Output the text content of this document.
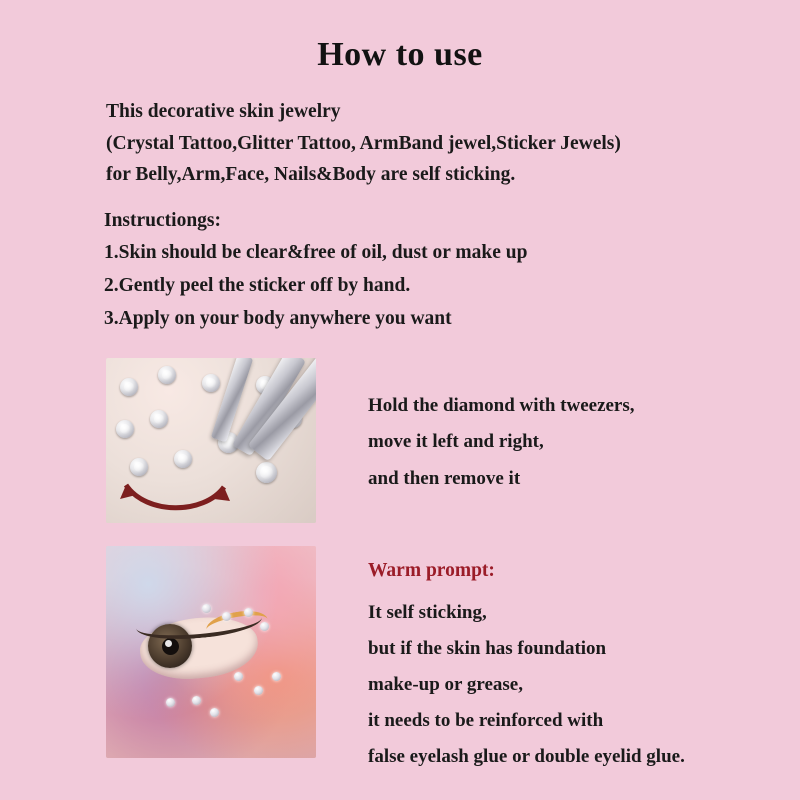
How to use
This decorative skin jewelry
(Crystal Tattoo,Glitter Tattoo, ArmBand jewel,Sticker Jewels)
for Belly,Arm,Face, Nails&Body are self sticking.
Instructiongs:
1.Skin should be clear&free of oil, dust or make up
2.Gently peel the sticker off by hand.
3.Apply on your body anywhere you want
Hold the diamond with tweezers,
move it left and right,
and then remove it
Warm prompt:
It self sticking,
but if the skin has foundation
make-up or grease,
it needs to be reinforced with
false eyelash glue or double eyelid glue.
